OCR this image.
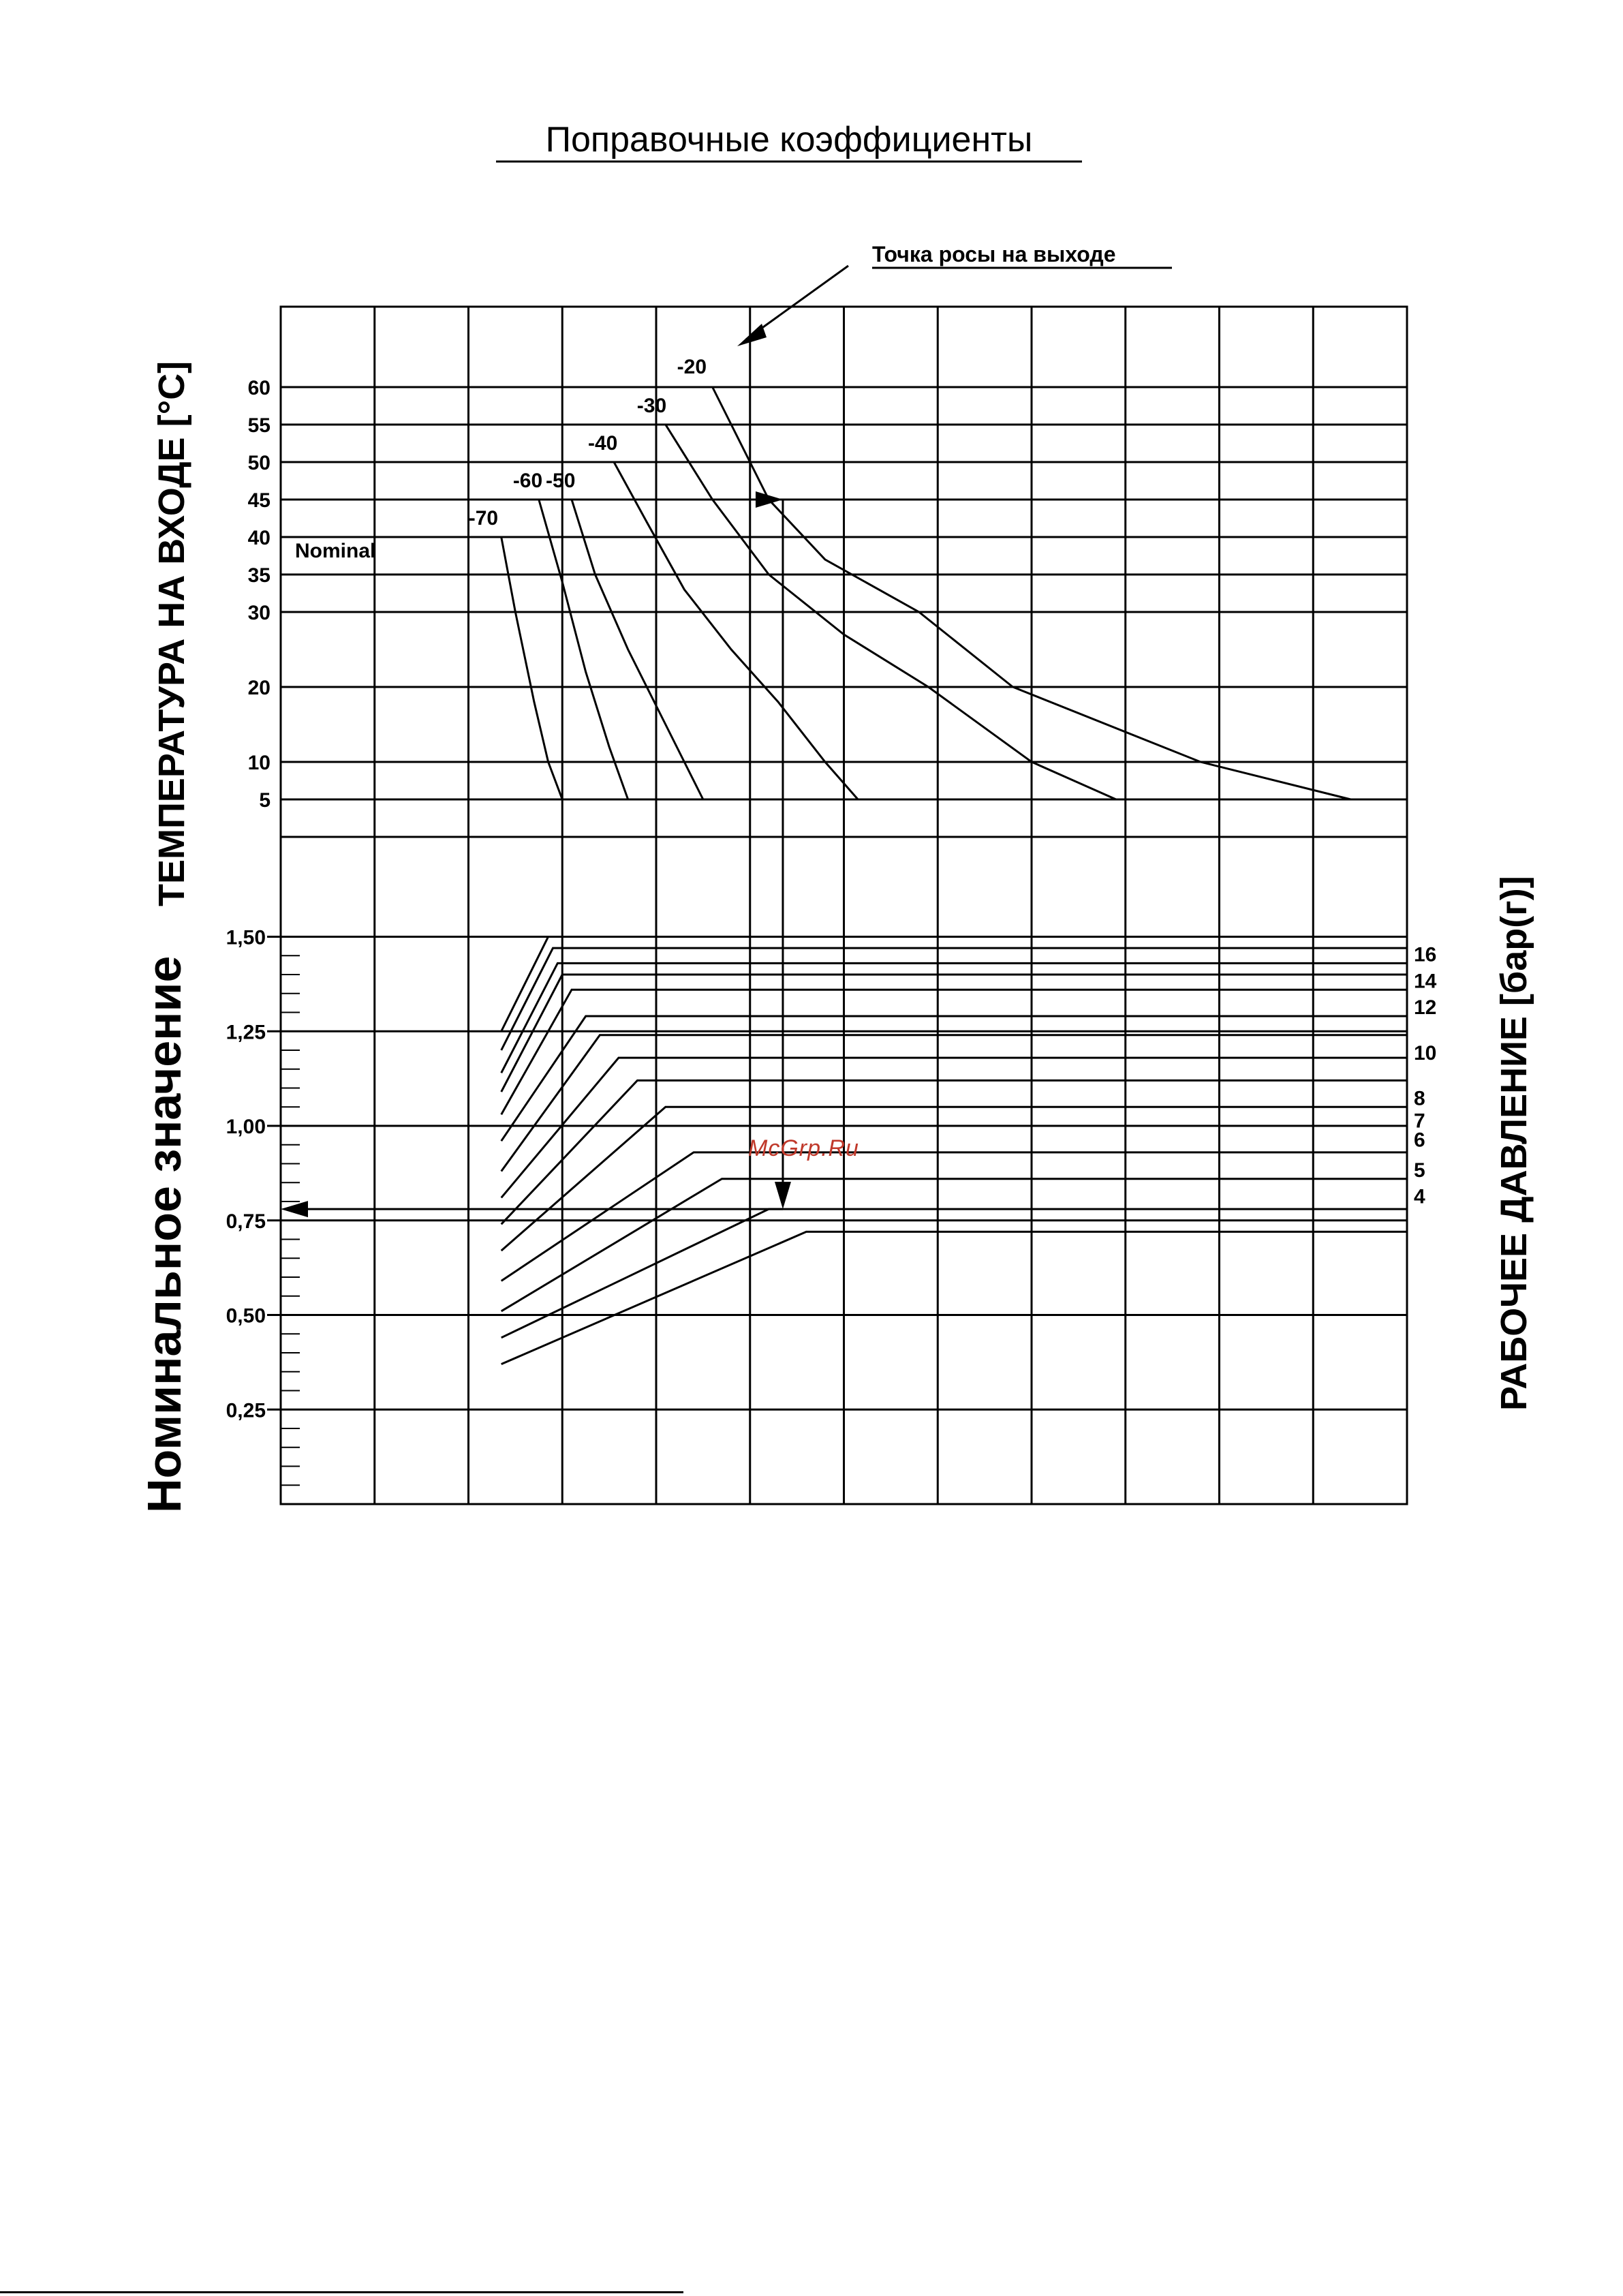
Поправочные коэффициенты
60
55
50
45
40
35
30
20
10
5
1,50
1,25
1,00
0,75
0,50
0,25
-20
-30
-40
-50
-60
-70
16
14
12
10
8
7
6
5
4
ТЕМПЕРАТУРА НА ВХОДЕ [°C]
Номинальное значение	РАБОЧЕЕ ДАВЛЕНИЕ [бар(г)]
Точка росы на выходе
Nominal
McGrp.Ru
